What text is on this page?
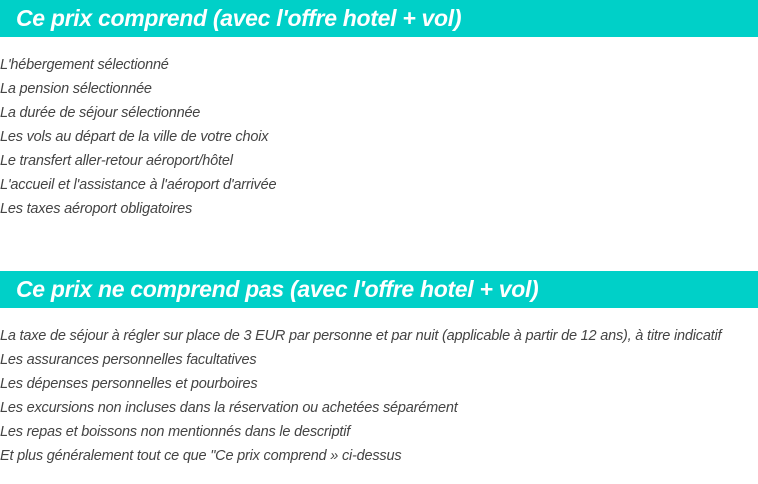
Ce prix comprend (avec l'offre hotel + vol)
L'hébergement sélectionné
La pension sélectionnée
La durée de séjour sélectionnée
Les vols au départ de la ville de votre choix
Le transfert aller-retour aéroport/hôtel
L'accueil et l'assistance à l'aéroport d'arrivée
Les taxes aéroport obligatoires
Ce prix ne comprend pas (avec l'offre hotel + vol)
La taxe de séjour à régler sur place de 3 EUR par personne et par nuit (applicable à partir de 12 ans), à titre indicatif
Les assurances personnelles facultatives
Les dépenses personnelles et pourboires
Les excursions non incluses dans la réservation ou achetées séparément
Les repas et boissons non mentionnés dans le descriptif
Et plus généralement tout ce que "Ce prix comprend » ci-dessus
